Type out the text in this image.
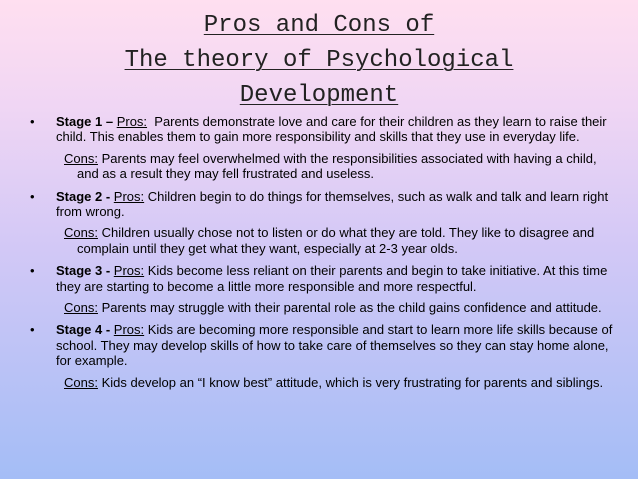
Pros and Cons of
The theory of Psychological
Development
• Stage 1 – Pros:  Parents demonstrate love and care for their children as they learn to raise their child. This enables them to gain more responsibility and skills that they use in everyday life.
Cons: Parents may feel overwhelmed with the responsibilities associated with having a child, and as a result they may fell frustrated and useless.
• Stage 2 - Pros: Children begin to do things for themselves, such as walk and talk and learn right from wrong.
Cons: Children usually chose not to listen or do what they are told. They like to disagree and complain until they get what they want, especially at 2-3 year olds.
• Stage 3 - Pros: Kids become less reliant on their parents and begin to take initiative. At this time they are starting to become a little more responsible and more respectful.
Cons: Parents may struggle with their parental role as the child gains confidence and attitude.
• Stage 4 - Pros: Kids are becoming more responsible and start to learn more life skills because of school. They may develop skills of how to take care of themselves so they can stay home alone, for example.
Cons: Kids develop an “I know best” attitude, which is very frustrating for parents and siblings.
